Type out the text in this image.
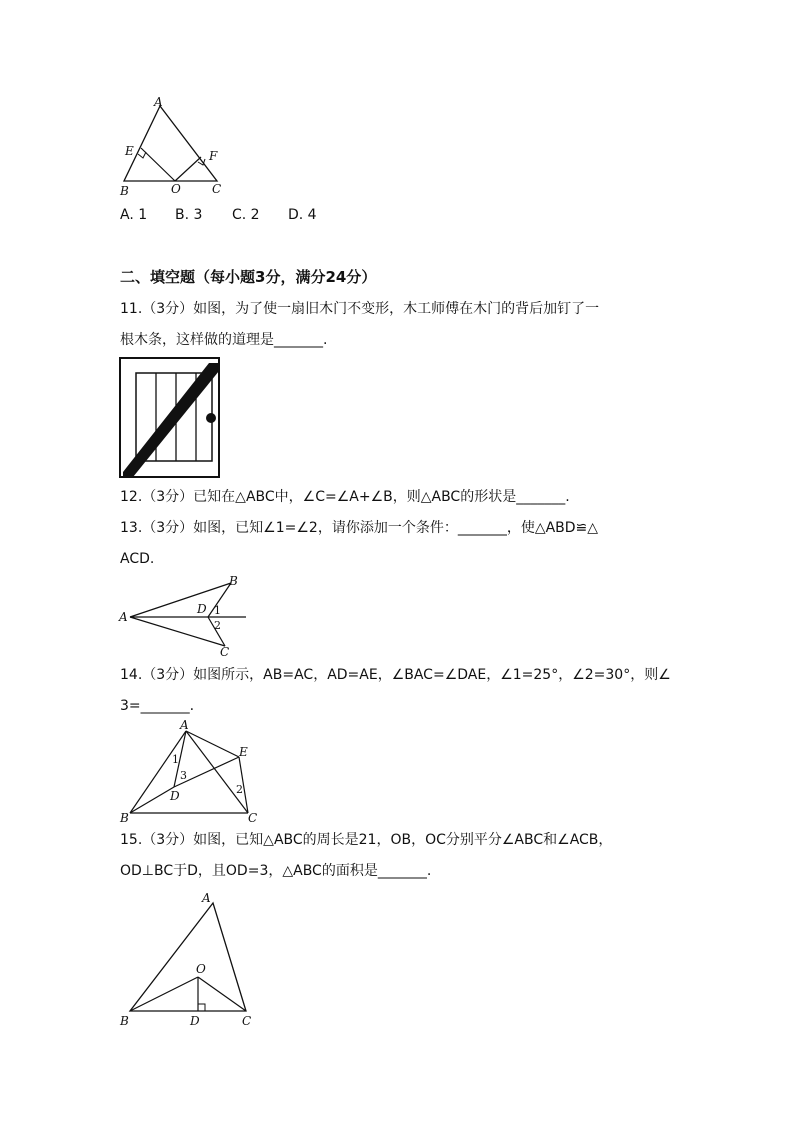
A
E	F
B	O	C
A. 1 B. 3 C. 2 D. 4
二、填空题（每小题3分，满分24分）
11.（3分）如图，为了使一扇旧木门不变形，木工师傅在木门的背后加钉了一
根木条，这样做的道理是_______.
12.（3分）已知在△ABC中，∠C=∠A+∠B，则△ABC的形状是_______.
13.（3分）如图，已知∠1=∠2，请你添加一个条件：_______，使△ABD≌△
ACD.
A
B
D 1
2
C
14.（3分）如图所示，AB=AC，AD=AE，∠BAC=∠DAE，∠1=25°，∠2=30°，则∠
3=_______.
A
E
1
3
D	2
B	C
15.（3分）如图，已知△ABC的周长是21，OB，OC分别平分∠ABC和∠ACB，
OD⊥BC于D，且OD=3，△ABC的面积是_______.
A
O
B	D	C
